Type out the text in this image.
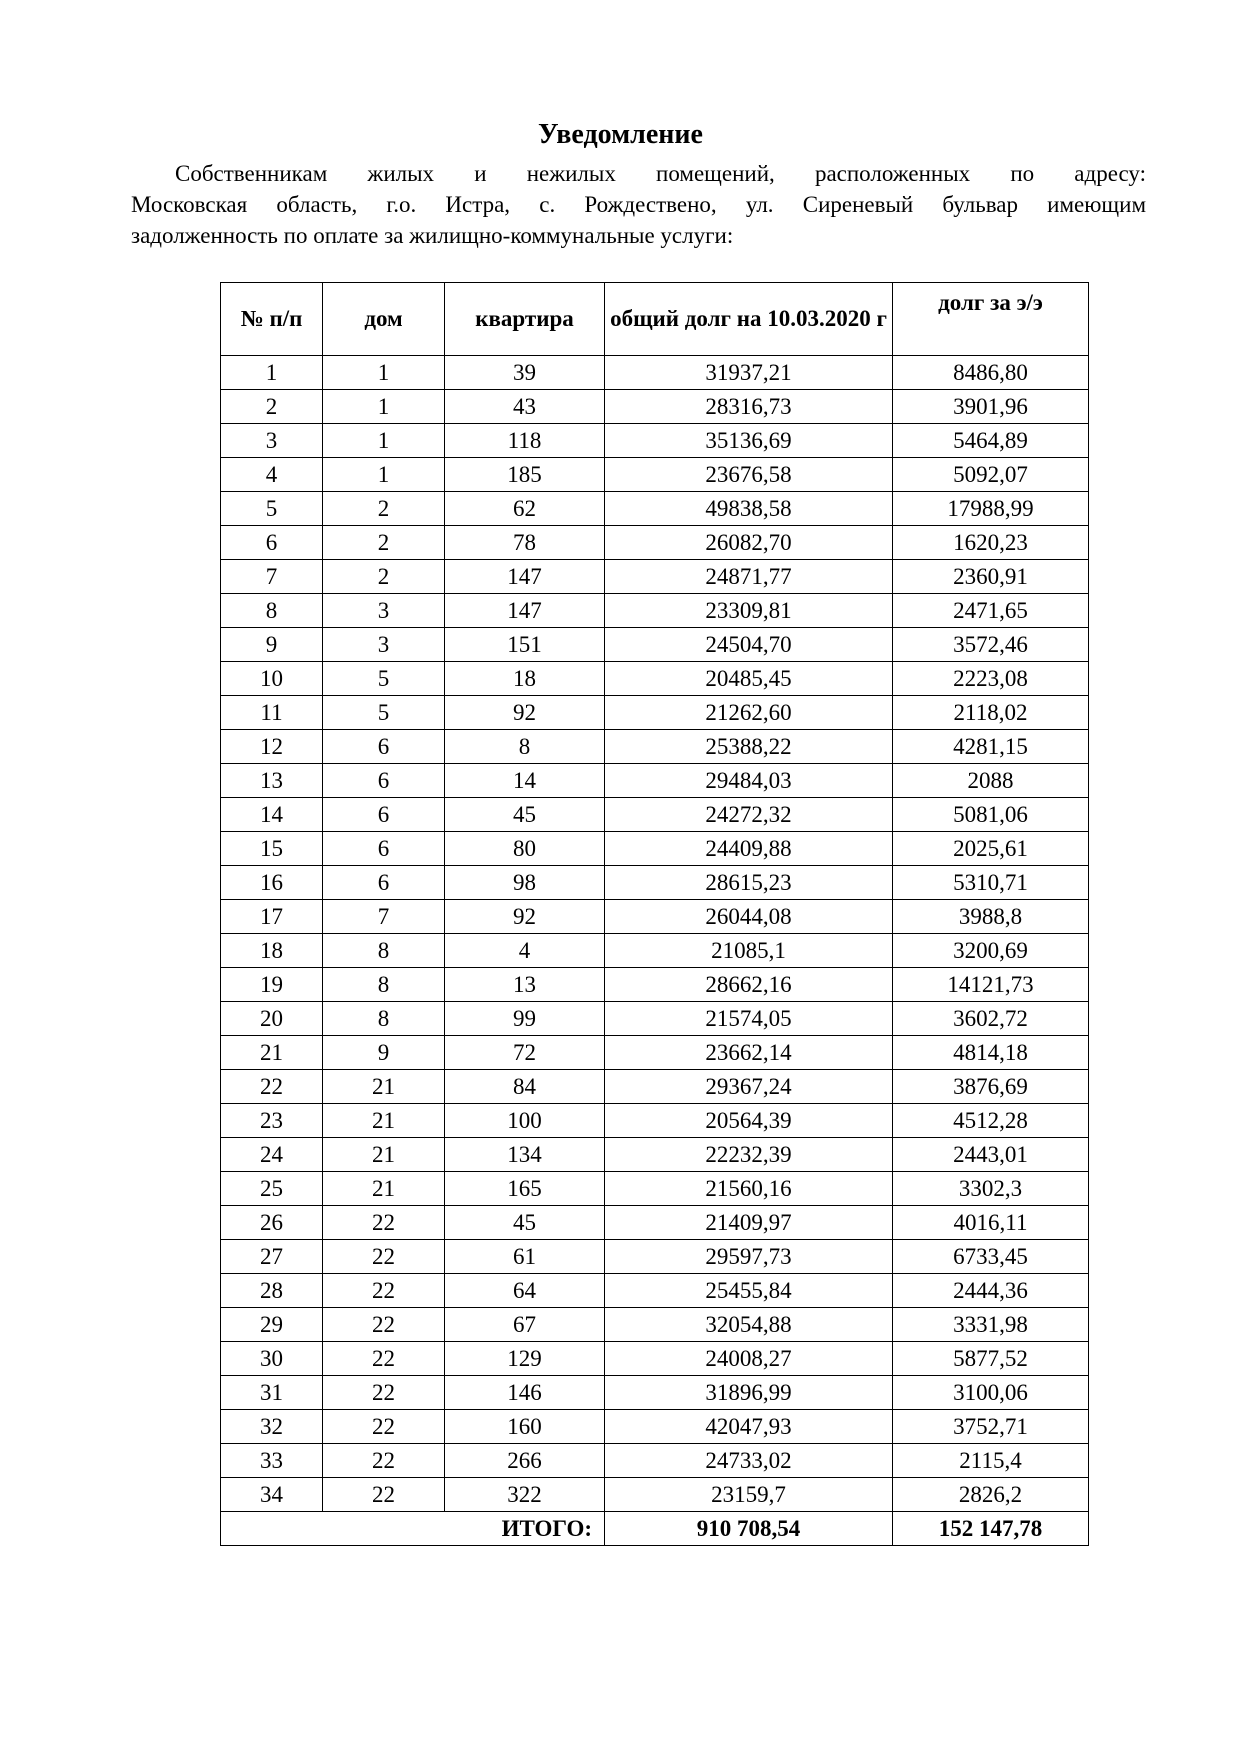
Уведомление
Собственникам жилых и нежилых помещений, расположенных по адресу:
Московская область, г.о. Истра, с. Рождествено, ул. Сиреневый бульвар имеющим
задолженность по оплате за жилищно-коммунальные услуги:
№ п/п	дом	квартира	общий долг на 10.03.2020 г	долг за э/э
1	1	39	31937,21	8486,80
2	1	43	28316,73	3901,96
3	1	118	35136,69	5464,89
4	1	185	23676,58	5092,07
5	2	62	49838,58	17988,99
6	2	78	26082,70	1620,23
7	2	147	24871,77	2360,91
8	3	147	23309,81	2471,65
9	3	151	24504,70	3572,46
10	5	18	20485,45	2223,08
11	5	92	21262,60	2118,02
12	6	8	25388,22	4281,15
13	6	14	29484,03	2088
14	6	45	24272,32	5081,06
15	6	80	24409,88	2025,61
16	6	98	28615,23	5310,71
17	7	92	26044,08	3988,8
18	8	4	21085,1	3200,69
19	8	13	28662,16	14121,73
20	8	99	21574,05	3602,72
21	9	72	23662,14	4814,18
22	21	84	29367,24	3876,69
23	21	100	20564,39	4512,28
24	21	134	22232,39	2443,01
25	21	165	21560,16	3302,3
26	22	45	21409,97	4016,11
27	22	61	29597,73	6733,45
28	22	64	25455,84	2444,36
29	22	67	32054,88	3331,98
30	22	129	24008,27	5877,52
31	22	146	31896,99	3100,06
32	22	160	42047,93	3752,71
33	22	266	24733,02	2115,4
34	22	322	23159,7	2826,2
ИТОГО:			910 708,54	152 147,78
